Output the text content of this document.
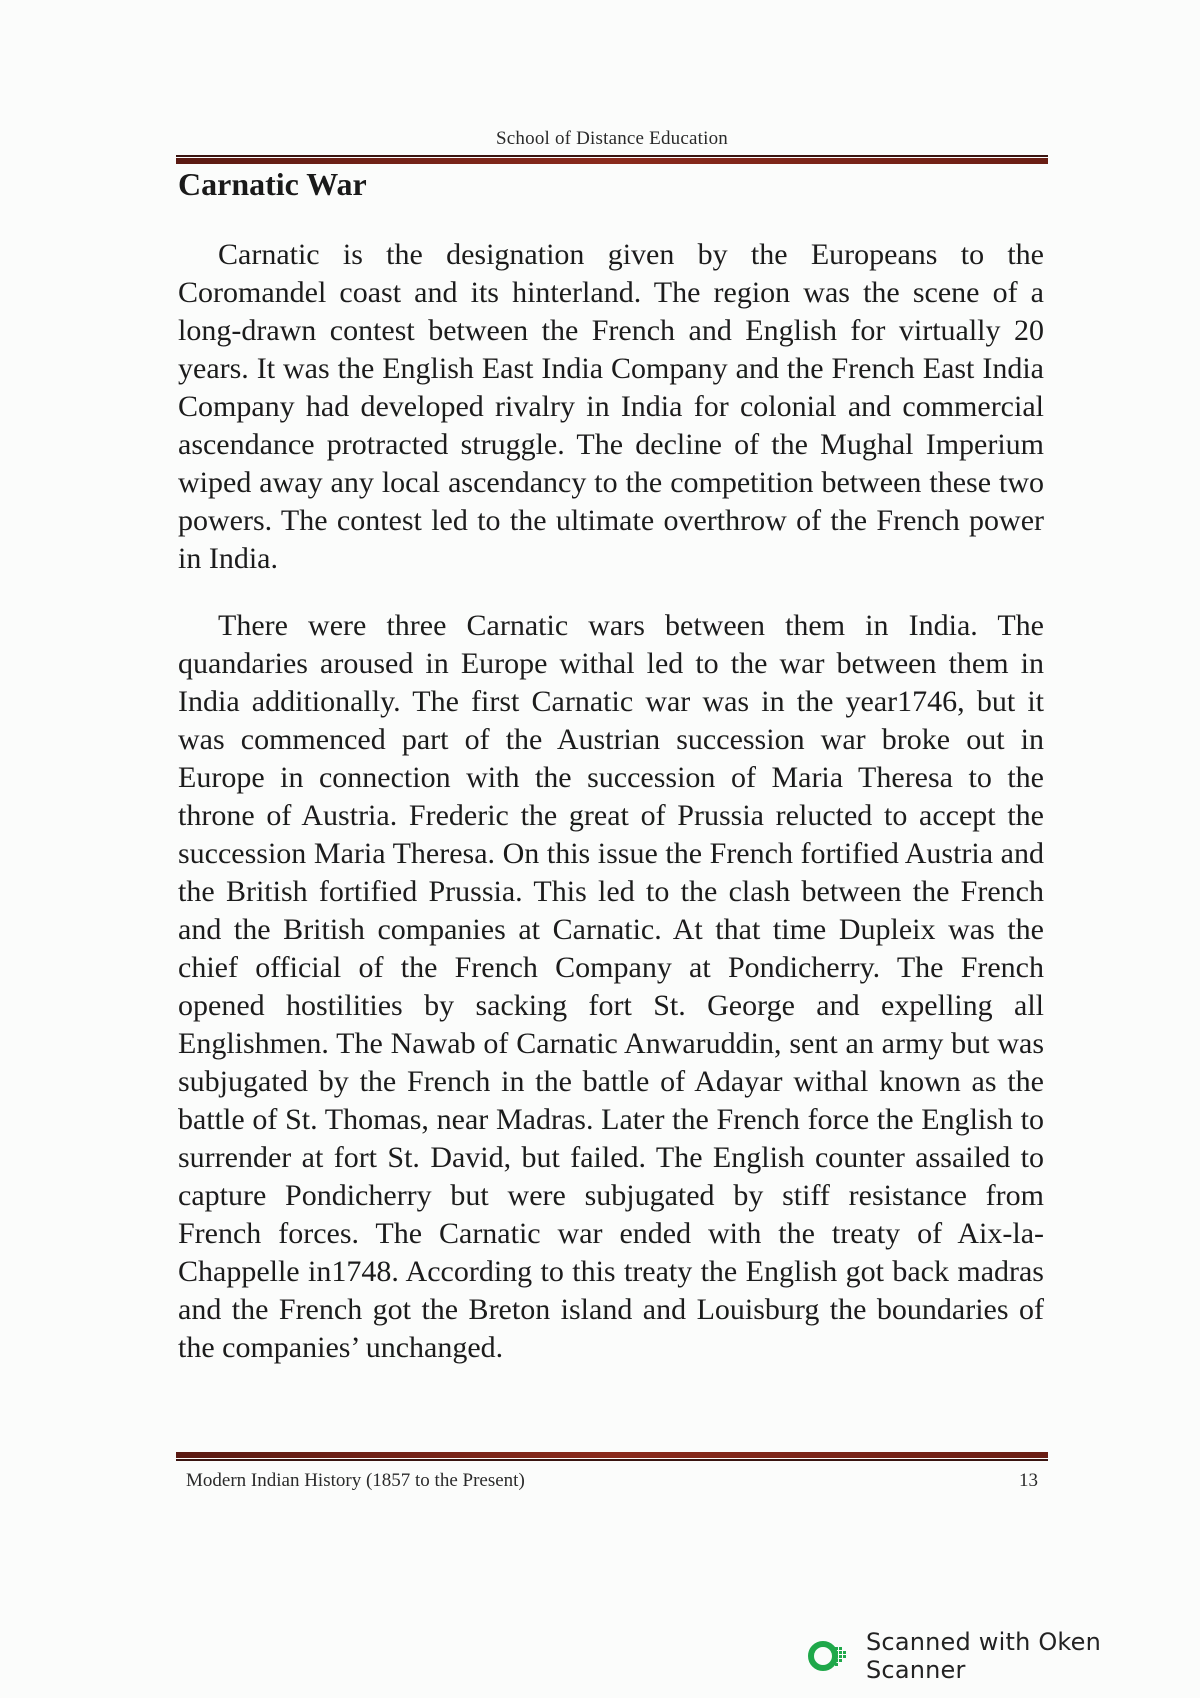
School of Distance Education
Carnatic War

Carnatic is the designation given by the Europeans to the Coromandel coast and its hinterland. The region was the scene of a long-drawn contest between the French and English for virtually 20 years. It was the English East India Company and the French East India Company had developed rivalry in India for colonial and commercial ascendance protracted struggle. The decline of the Mughal Imperium wiped away any local ascendancy to the competition between these two powers. The contest led to the ultimate overthrow of the French power in India.

There were three Carnatic wars between them in India. The quandaries aroused in Europe withal led to the war between them in India additionally. The first Carnatic war was in the year1746, but it was commenced part of the Austrian succession war broke out in Europe in connection with the succession of Maria Theresa to the throne of Austria. Frederic the great of Prussia relucted to accept the succession Maria Theresa. On this issue the French fortified Austria and the British fortified Prussia. This led to the clash between the French and the British companies at Carnatic. At that time Dupleix was the chief official of the French Company at Pondicherry. The French opened hostilities by sacking fort St. George and expelling all Englishmen. The Nawab of Carnatic Anwaruddin, sent an army but was subjugated by the French in the battle of Adayar withal known as the battle of St. Thomas, near Madras. Later the French force the English to surrender at fort St. David, but failed. The English counter assailed to capture Pondicherry but were subjugated by stiff resistance from French forces. The Carnatic war ended with the treaty of Aix-la-Chappelle in1748. According to this treaty the English got back madras and the French got the Breton island and Louisburg the boundaries of the companies’ unchanged.

Modern Indian History (1857 to the Present)	13
Scanned with Oken Scanner
